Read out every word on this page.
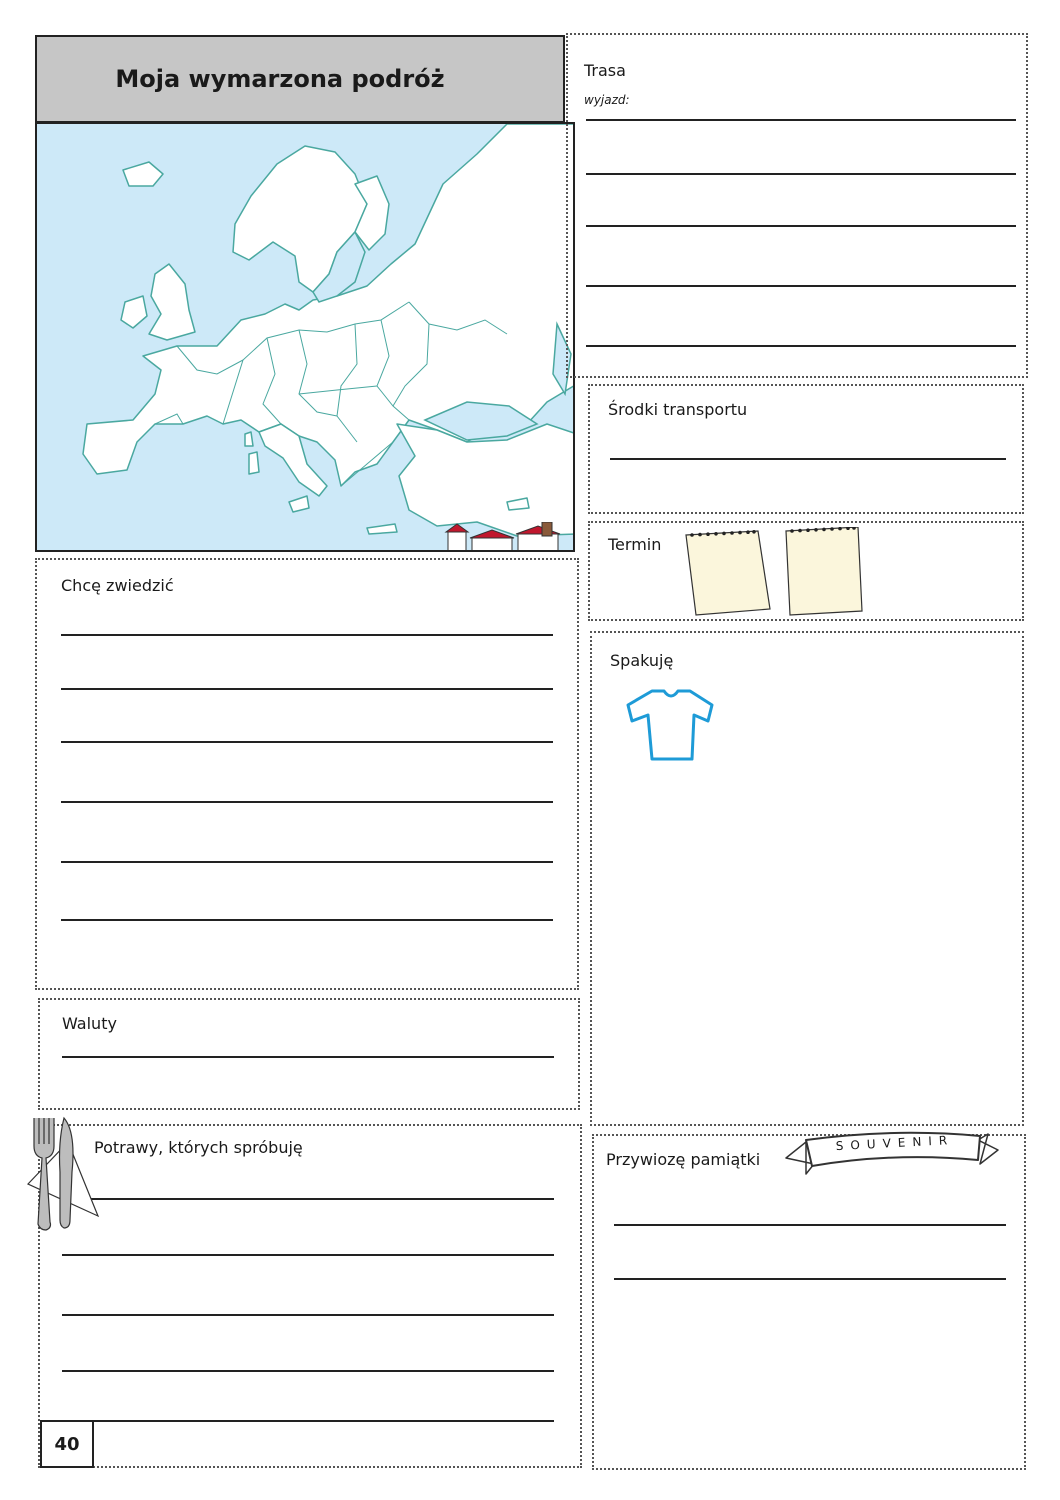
Moja wymarzona podróż	Trasa
wyjazd:
Środki transportu
Termin
Spakuję
Chcę zwiedzić
Waluty
Potrawy, których spróbuję
Przywiozę pamiątki
SOUVENIR
40
